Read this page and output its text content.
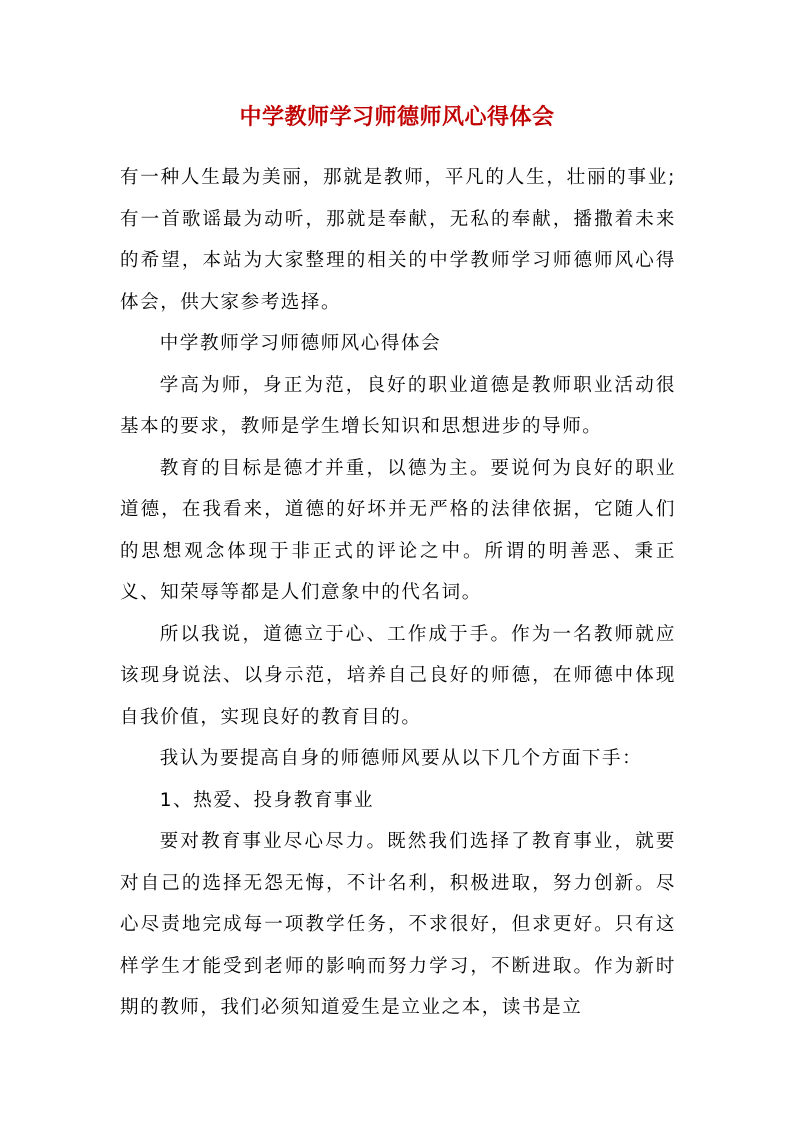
中学教师学习师德师风心得体会

有一种人生最为美丽，那就是教师，平凡的人生，壮丽的事业;有一首歌谣最为动听，那就是奉献，无私的奉献，播撒着未来的希望，本站为大家整理的相关的中学教师学习师德师风心得体会，供大家参考选择。

中学教师学习师德师风心得体会

学高为师，身正为范，良好的职业道德是教师职业活动很基本的要求，教师是学生增长知识和思想进步的导师。

教育的目标是德才并重，以德为主。要说何为良好的职业道德，在我看来，道德的好坏并无严格的法律依据，它随人们的思想观念体现于非正式的评论之中。所谓的明善恶、秉正义、知荣辱等都是人们意象中的代名词。

所以我说，道德立于心、工作成于手。作为一名教师就应该现身说法、以身示范，培养自己良好的师德，在师德中体现自我价值，实现良好的教育目的。

我认为要提高自身的师德师风要从以下几个方面下手：

1、热爱、投身教育事业

要对教育事业尽心尽力。既然我们选择了教育事业，就要对自己的选择无怨无悔，不计名利，积极进取，努力创新。尽心尽责地完成每一项教学任务，不求很好，但求更好。只有这样学生才能受到老师的影响而努力学习，不断进取。作为新时期的教师，我们必须知道爱生是立业之本，读书是立
